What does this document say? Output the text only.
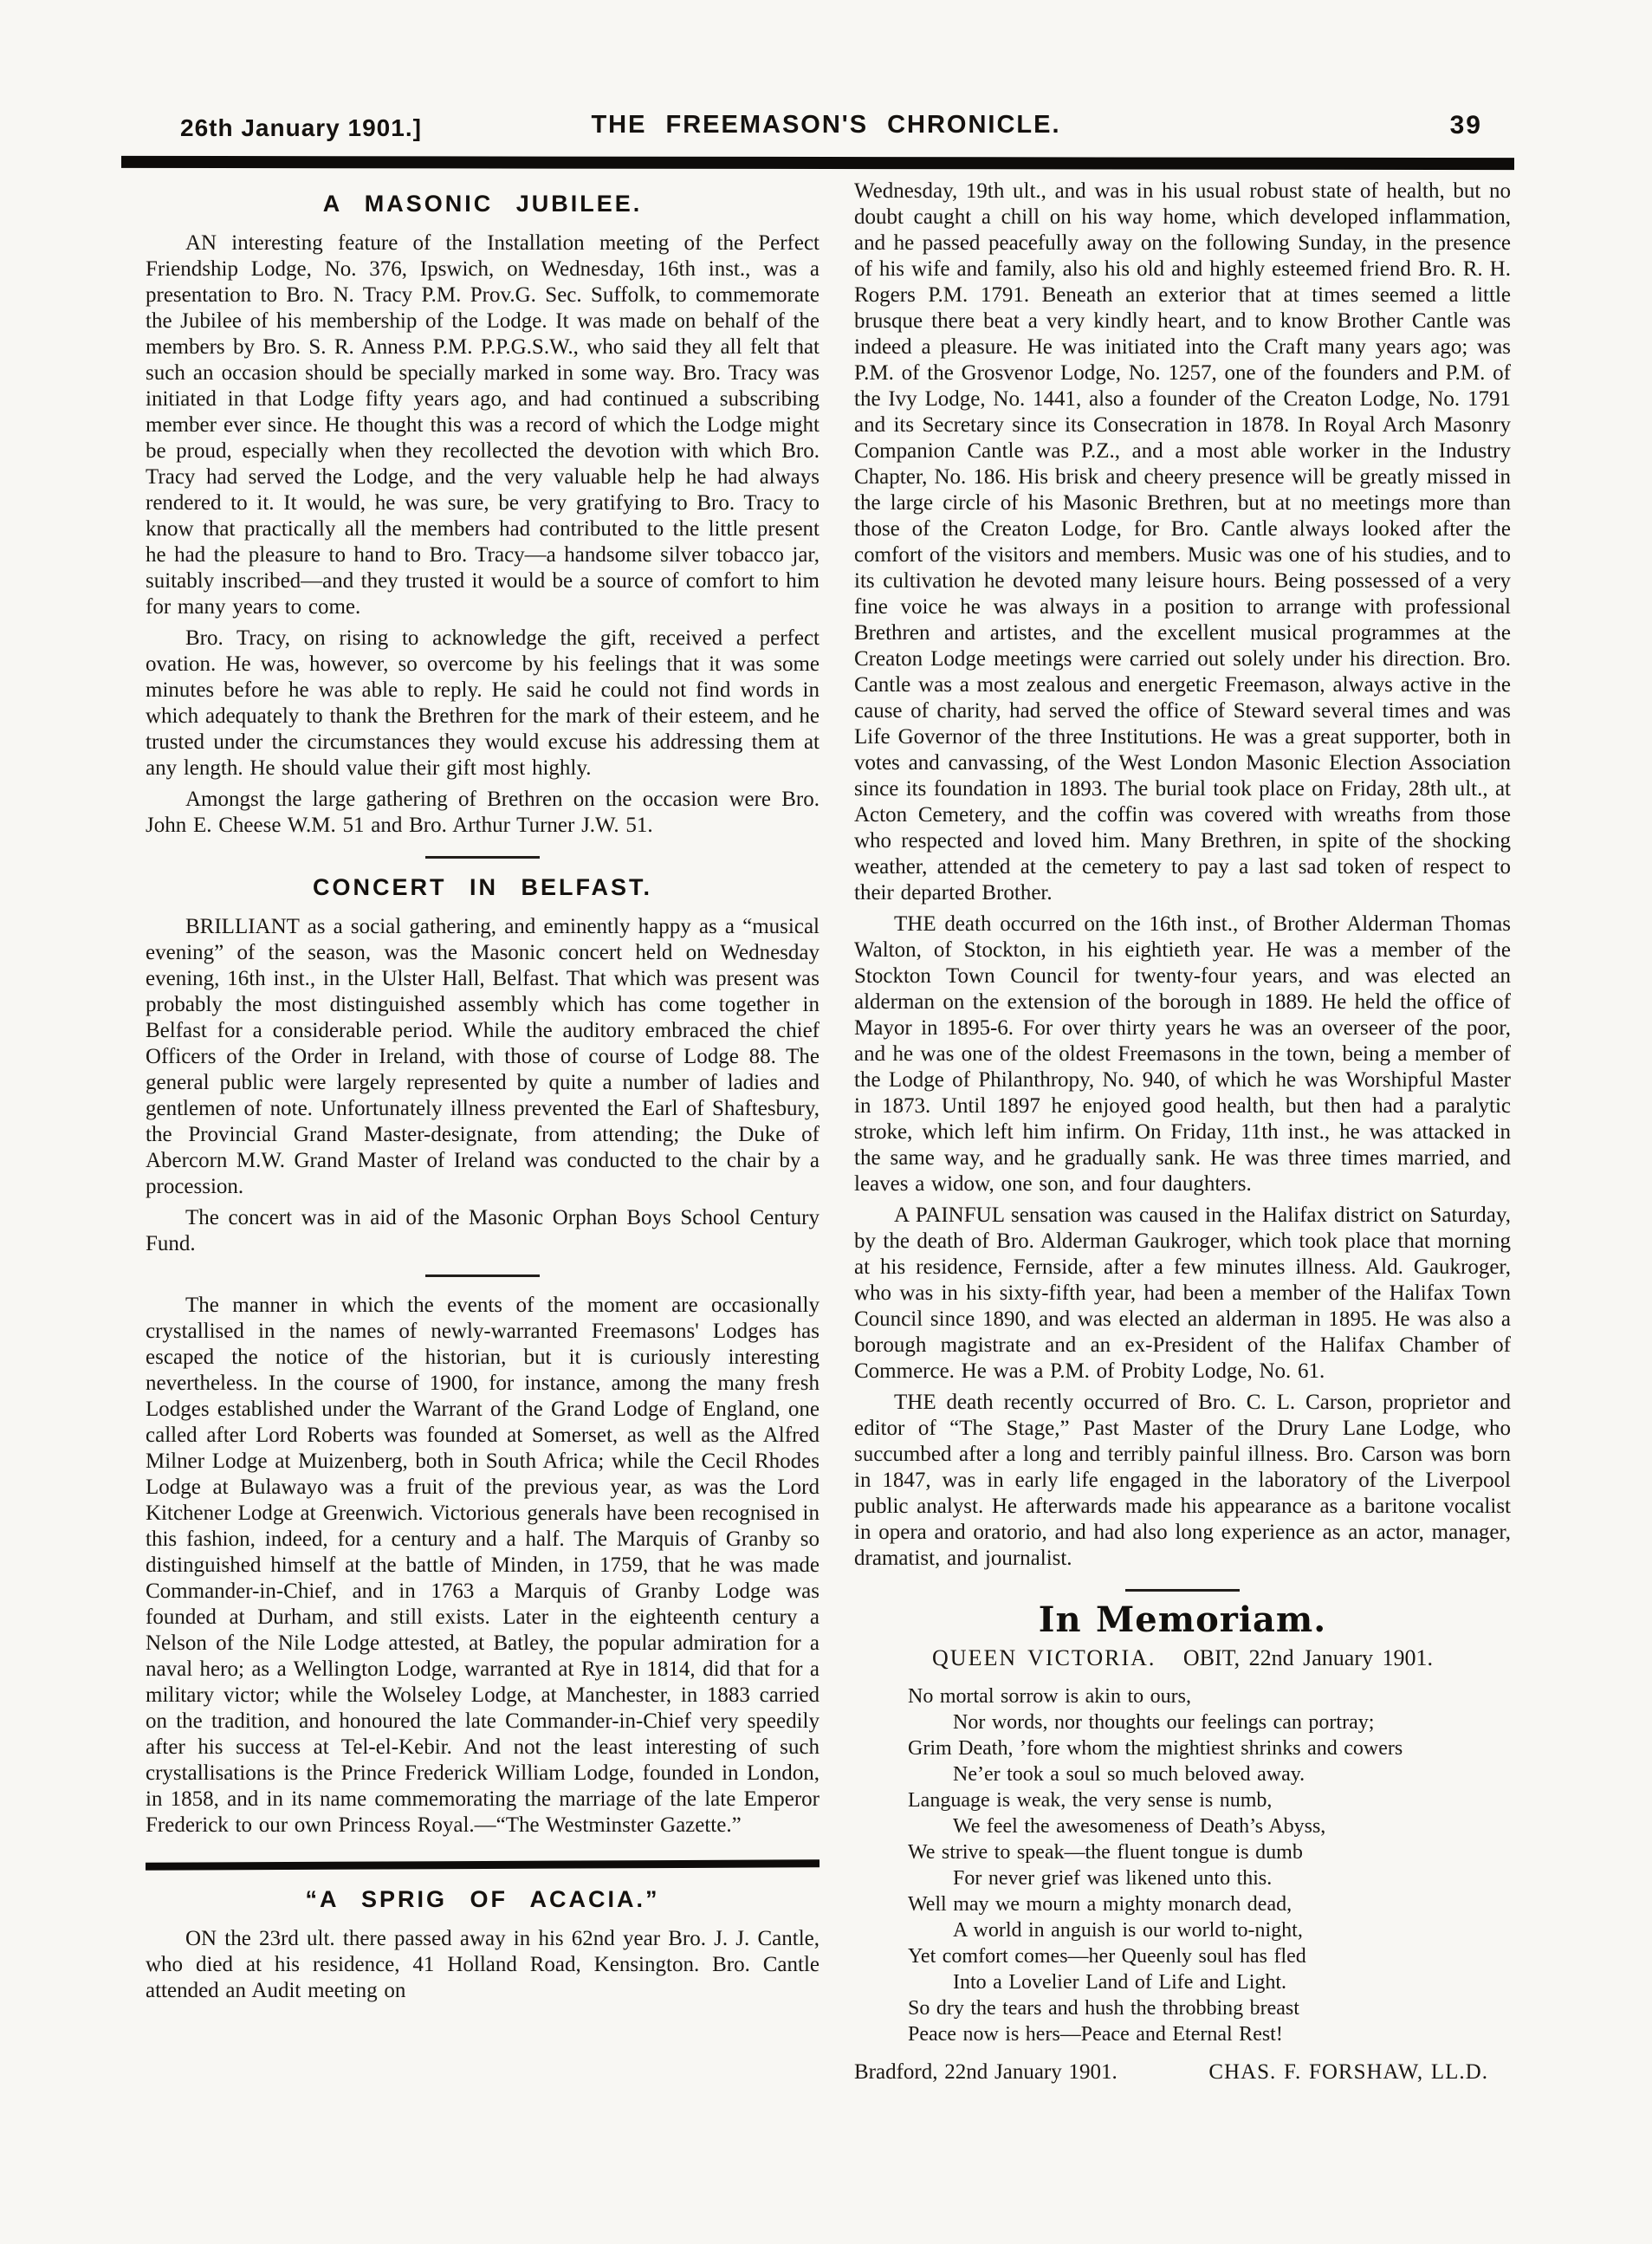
26th January 1901.]	THE FREEMASON'S CHRONICLE.	39
A MASONIC JUBILEE.

AN interesting feature of the Installation meeting of the Perfect Friendship Lodge, No. 376, Ipswich, on Wednesday, 16th inst., was a presentation to Bro. N. Tracy P.M. Prov.G. Sec. Suffolk, to commemorate the Jubilee of his membership of the Lodge. It was made on behalf of the members by Bro. S. R. Anness P.M. P.P.G.S.W., who said they all felt that such an occasion should be specially marked in some way. Bro. Tracy was initiated in that Lodge fifty years ago, and had continued a subscribing member ever since. He thought this was a record of which the Lodge might be proud, especially when they recollected the devotion with which Bro. Tracy had served the Lodge, and the very valuable help he had always rendered to it. It would, he was sure, be very gratifying to Bro. Tracy to know that practically all the members had contributed to the little present he had the pleasure to hand to Bro. Tracy—a handsome silver tobacco jar, suitably inscribed—and they trusted it would be a source of comfort to him for many years to come.

Bro. Tracy, on rising to acknowledge the gift, received a perfect ovation. He was, however, so overcome by his feelings that it was some minutes before he was able to reply. He said he could not find words in which adequately to thank the Brethren for the mark of their esteem, and he trusted under the circumstances they would excuse his addressing them at any length. He should value their gift most highly.

Amongst the large gathering of Brethren on the occasion were Bro. John E. Cheese W.M. 51 and Bro. Arthur Turner J.W. 51.

CONCERT IN BELFAST.

BRILLIANT as a social gathering, and eminently happy as a “musical evening” of the season, was the Masonic concert held on Wednesday evening, 16th inst., in the Ulster Hall, Belfast. That which was present was probably the most distinguished assembly which has come together in Belfast for a considerable period. While the auditory embraced the chief Officers of the Order in Ireland, with those of course of Lodge 88. The general public were largely represented by quite a number of ladies and gentlemen of note. Unfortunately illness prevented the Earl of Shaftesbury, the Provincial Grand Master-designate, from attending; the Duke of Abercorn M.W. Grand Master of Ireland was conducted to the chair by a procession.

The concert was in aid of the Masonic Orphan Boys School Century Fund.

The manner in which the events of the moment are occasionally crystallised in the names of newly-warranted Freemasons' Lodges has escaped the notice of the historian, but it is curiously interesting nevertheless. In the course of 1900, for instance, among the many fresh Lodges established under the Warrant of the Grand Lodge of England, one called after Lord Roberts was founded at Somerset, as well as the Alfred Milner Lodge at Muizenberg, both in South Africa; while the Cecil Rhodes Lodge at Bulawayo was a fruit of the previous year, as was the Lord Kitchener Lodge at Greenwich. Victorious generals have been recognised in this fashion, indeed, for a century and a half. The Marquis of Granby so distinguished himself at the battle of Minden, in 1759, that he was made Commander-in-Chief, and in 1763 a Marquis of Granby Lodge was founded at Durham, and still exists. Later in the eighteenth century a Nelson of the Nile Lodge attested, at Batley, the popular admiration for a naval hero; as a Wellington Lodge, warranted at Rye in 1814, did that for a military victor; while the Wolseley Lodge, at Manchester, in 1883 carried on the tradition, and honoured the late Commander-in-Chief very speedily after his success at Tel-el-Kebir. And not the least interesting of such crystallisations is the Prince Frederick William Lodge, founded in London, in 1858, and in its name commemorating the marriage of the late Emperor Frederick to our own Princess Royal.—“The Westminster Gazette.”

“A SPRIG OF ACACIA.”

ON the 23rd ult. there passed away in his 62nd year Bro. J. J. Cantle, who died at his residence, 41 Holland Road, Kensington. Bro. Cantle attended an Audit meeting on

Wednesday, 19th ult., and was in his usual robust state of health, but no doubt caught a chill on his way home, which developed inflammation, and he passed peacefully away on the following Sunday, in the presence of his wife and family, also his old and highly esteemed friend Bro. R. H. Rogers P.M. 1791. Beneath an exterior that at times seemed a little brusque there beat a very kindly heart, and to know Brother Cantle was indeed a pleasure. He was initiated into the Craft many years ago; was P.M. of the Grosvenor Lodge, No. 1257, one of the founders and P.M. of the Ivy Lodge, No. 1441, also a founder of the Creaton Lodge, No. 1791 and its Secretary since its Consecration in 1878. In Royal Arch Masonry Companion Cantle was P.Z., and a most able worker in the Industry Chapter, No. 186. His brisk and cheery presence will be greatly missed in the large circle of his Masonic Brethren, but at no meetings more than those of the Creaton Lodge, for Bro. Cantle always looked after the comfort of the visitors and members. Music was one of his studies, and to its cultivation he devoted many leisure hours. Being possessed of a very fine voice he was always in a position to arrange with professional Brethren and artistes, and the excellent musical programmes at the Creaton Lodge meetings were carried out solely under his direction. Bro. Cantle was a most zealous and energetic Freemason, always active in the cause of charity, had served the office of Steward several times and was Life Governor of the three Institutions. He was a great supporter, both in votes and canvassing, of the West London Masonic Election Association since its foundation in 1893. The burial took place on Friday, 28th ult., at Acton Cemetery, and the coffin was covered with wreaths from those who respected and loved him. Many Brethren, in spite of the shocking weather, attended at the cemetery to pay a last sad token of respect to their departed Brother.

THE death occurred on the 16th inst., of Brother Alderman Thomas Walton, of Stockton, in his eightieth year. He was a member of the Stockton Town Council for twenty-four years, and was elected an alderman on the extension of the borough in 1889. He held the office of Mayor in 1895-6. For over thirty years he was an overseer of the poor, and he was one of the oldest Freemasons in the town, being a member of the Lodge of Philanthropy, No. 940, of which he was Worshipful Master in 1873. Until 1897 he enjoyed good health, but then had a paralytic stroke, which left him infirm. On Friday, 11th inst., he was attacked in the same way, and he gradually sank. He was three times married, and leaves a widow, one son, and four daughters.

A PAINFUL sensation was caused in the Halifax district on Saturday, by the death of Bro. Alderman Gaukroger, which took place that morning at his residence, Fernside, after a few minutes illness. Ald. Gaukroger, who was in his sixty-fifth year, had been a member of the Halifax Town Council since 1890, and was elected an alderman in 1895. He was also a borough magistrate and an ex-President of the Halifax Chamber of Commerce. He was a P.M. of Probity Lodge, No. 61.

THE death recently occurred of Bro. C. L. Carson, proprietor and editor of “The Stage,” Past Master of the Drury Lane Lodge, who succumbed after a long and terribly painful illness. Bro. Carson was born in 1847, was in early life engaged in the laboratory of the Liverpool public analyst. He afterwards made his appearance as a baritone vocalist in opera and oratorio, and had also long experience as an actor, manager, dramatist, and journalist.

In Memoriam.

QUEEN VICTORIA. OBIT, 22nd January 1901.

No mortal sorrow is akin to ours,
Nor words, nor thoughts our feelings can portray;
Grim Death, ’fore whom the mightiest shrinks and cowers
Ne’er took a soul so much beloved away.
Language is weak, the very sense is numb,
We feel the awesomeness of Death’s Abyss,
We strive to speak—the fluent tongue is dumb
For never grief was likened unto this.
Well may we mourn a mighty monarch dead,
A world in anguish is our world to-night,
Yet comfort comes—her Queenly soul has fled
Into a Lovelier Land of Life and Light.
So dry the tears and hush the throbbing breast
Peace now is hers—Peace and Eternal Rest!
Bradford, 22nd January 1901.	CHAS. F. FORSHAW, LL.D.
